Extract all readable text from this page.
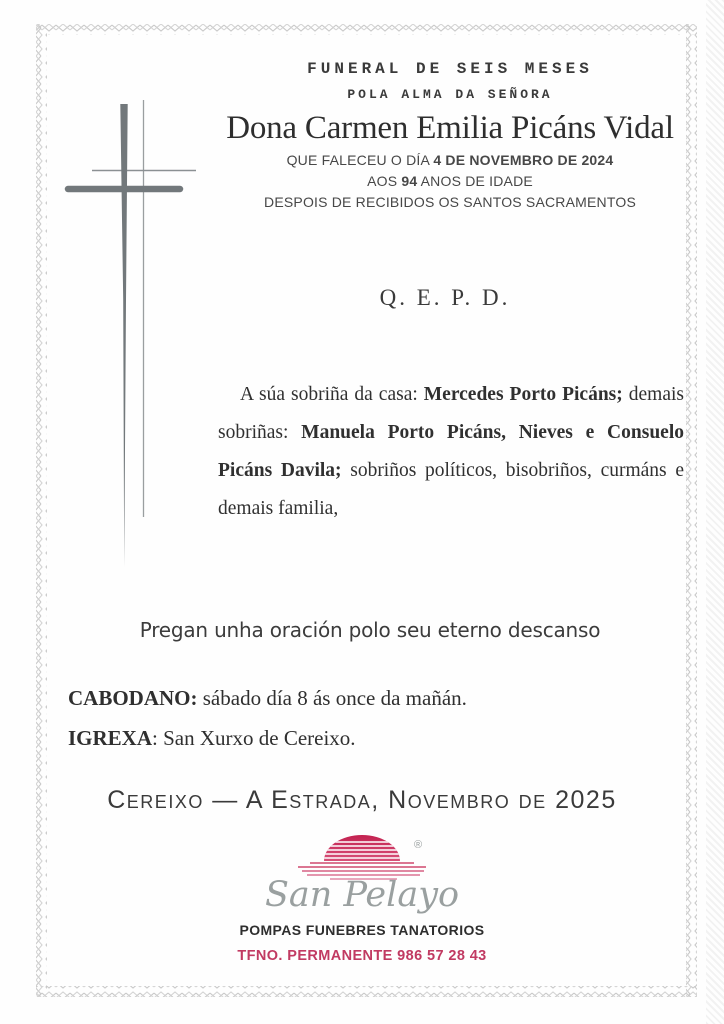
FUNERAL DE SEIS MESES
POLA ALMA DA SEÑORA
Dona Carmen Emilia Picáns Vidal
QUE FALECEU O DÍA 4 DE NOVEMBRO DE 2024
AOS 94 ANOS DE IDADE
DESPOIS DE RECIBIDOS OS SANTOS SACRAMENTOS
Q. E. P. D.
A súa sobriña da casa: Mercedes Porto Picáns; demais sobriñas: Manuela Porto Picáns, Nieves e Consuelo Picáns Davila; sobriños políticos, bisobriños, curmáns e demais familia,
Pregan unha oración polo seu eterno descanso
CABODANO: sábado día 8 ás once da mañán.
IGREXA: San Xurxo de Cereixo.
Cereixo — A Estrada, Novembro de 2025
®
San Pelayo
POMPAS FUNEBRES TANATORIOS
TFNO. PERMANENTE 986 57 28 43
